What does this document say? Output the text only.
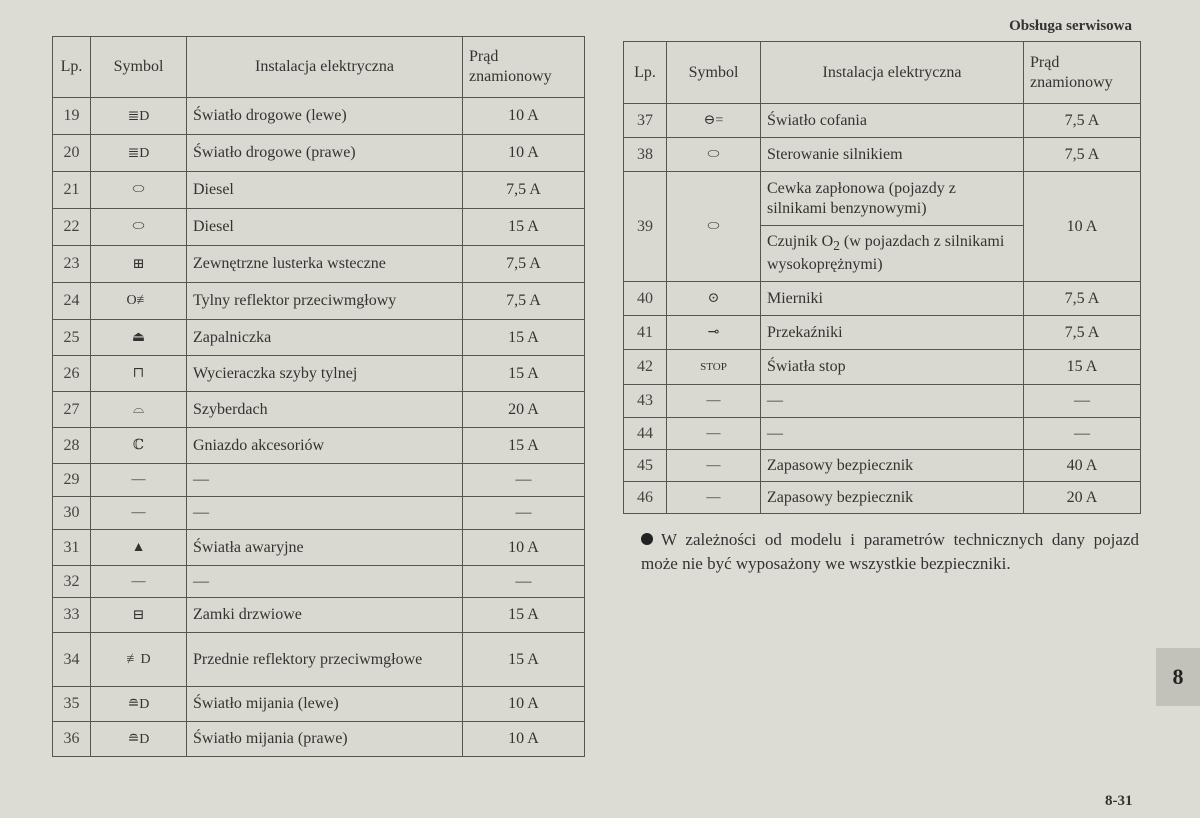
Obsługa serwisowa
Lp.	Symbol	Instalacja elektryczna	Prąd znamionowy
19	≣D	Światło drogowe (lewe)	10 A
20	≣D	Światło drogowe (prawe)	10 A
21	⬭	Diesel	7,5 A
22	⬭	Diesel	15 A
23	⊞	Zewnętrzne lusterka wsteczne	7,5 A
24	O≢	Tylny reflektor przeciwmgłowy	7,5 A
25	⏏	Zapalniczka	15 A
26	⊓	Wycieraczka szyby tylnej	15 A
27	⌓	Szyberdach	20 A
28	ℂ	Gniazdo akcesoriów	15 A
29	—	—	—
30	—	—	—
31	▲	Światła awaryjne	10 A
32	—	—	—
33	⊟	Zamki drzwiowe	15 A
34	≢D	Przednie reflektory przeciwmgłowe	15 A
35	≘D	Światło mijania (lewe)	10 A
36	≘D	Światło mijania (prawe)	10 A
Lp.	Symbol	Instalacja elektryczna	Prąd znamionowy
37	⊖=	Światło cofania	7,5 A
38	⬭	Sterowanie silnikiem	7,5 A
39	⬭	Cewka zapłonowa (pojazdy z silnikami benzynowymi)	10 A
		Czujnik $O_2$ (w pojazdach z silnikami wysokoprężnymi)	
40	⊙	Mierniki	7,5 A
41	⊸	Przekaźniki	7,5 A
42	STOP	Światła stop	15 A
43	—	—	—
44	—	—	—
45	—	Zapasowy bezpiecznik	40 A
46	—	Zapasowy bezpiecznik	20 A
W zależności od modelu i parametrów technicznych dany pojazd może nie być wyposażony we wszystkie bezpieczniki.
8
8-31
